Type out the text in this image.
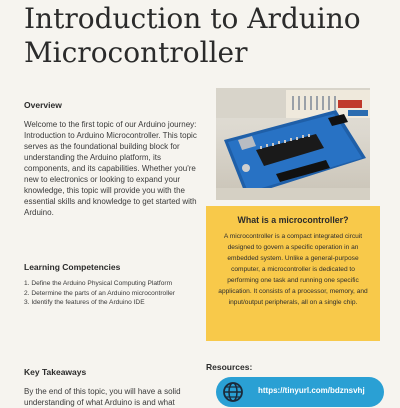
Introduction to Arduino Microcontroller
Overview

Welcome to the first topic of our Arduino journey: Introduction to Arduino Microcontroller. This topic serves as the foundational building block for understanding the Arduino platform, its components, and its capabilities. Whether you're new to electronics or looking to expand your knowledge, this topic will provide you with the essential skills and knowledge to get started with Arduino.

Learning Competencies
1. Define the Arduino Physical Computing Platform
2. Determine the parts of an Arduino microcontroller
3. Identify the features of the Arduino IDE
Key Takeaways

By the end of this topic, you will have a solid understanding of what Arduino is and what

What is a microcontroller?

A microcontroller is a compact integrated circuit designed to govern a specific operation in an embedded system. Unlike a general-purpose computer, a microcontroller is dedicated to performing one task and running one specific application. It consists of a processor, memory, and input/output peripherals, all on a single chip.

Resources:
https://tinyurl.com/bdznsvhj
